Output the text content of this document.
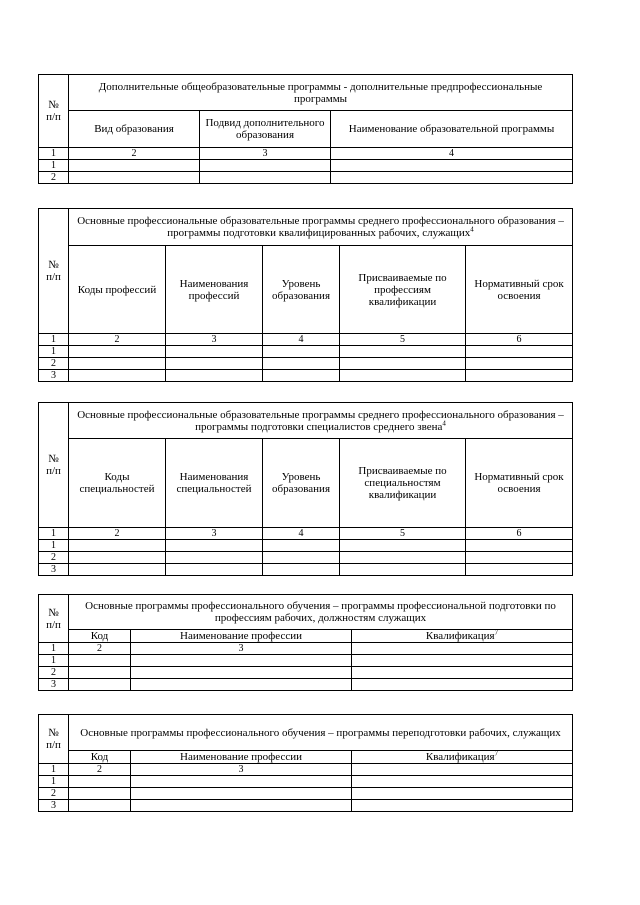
№
п/п	Дополнительные общеобразовательные программы - дополнительные предпрофессиональные программы		
	Вид образования	Подвид дополнительного образования	Наименование образовательной программы
1	2	3	4
1			
2			
№
п/п	Основные профессиональные образовательные программы среднего профессионального образования – программы подготовки квалифицированных рабочих, служащих$^4$
	Коды профессий	Наименования профессий	Уровень образования	Присваиваемые по профессиям квалификации	Нормативный срок освоения
1	2	3	4	5	6
1					
2					
3					
№
п/п	Основные профессиональные образовательные программы среднего профессионального образования – программы подготовки специалистов среднего звена$^4$
	Коды специальностей	Наименования специальностей	Уровень образования	Присваиваемые по специальностям квалификации	Нормативный срок освоения
1	2	3	4	5	6
1					
2					
3					
№
п/п	Основные программы профессионального обучения – программы профессиональной подготовки по профессиям рабочих, должностям служащих		
	Код	Наименование профессии	Квалификация$^7$
1	2	3	
1			
2			
3			
№
п/п	Основные программы профессионального обучения – программы переподготовки рабочих, служащих		
	Код	Наименование профессии	Квалификация$^7$
1	2	3	
1			
2			
3			
